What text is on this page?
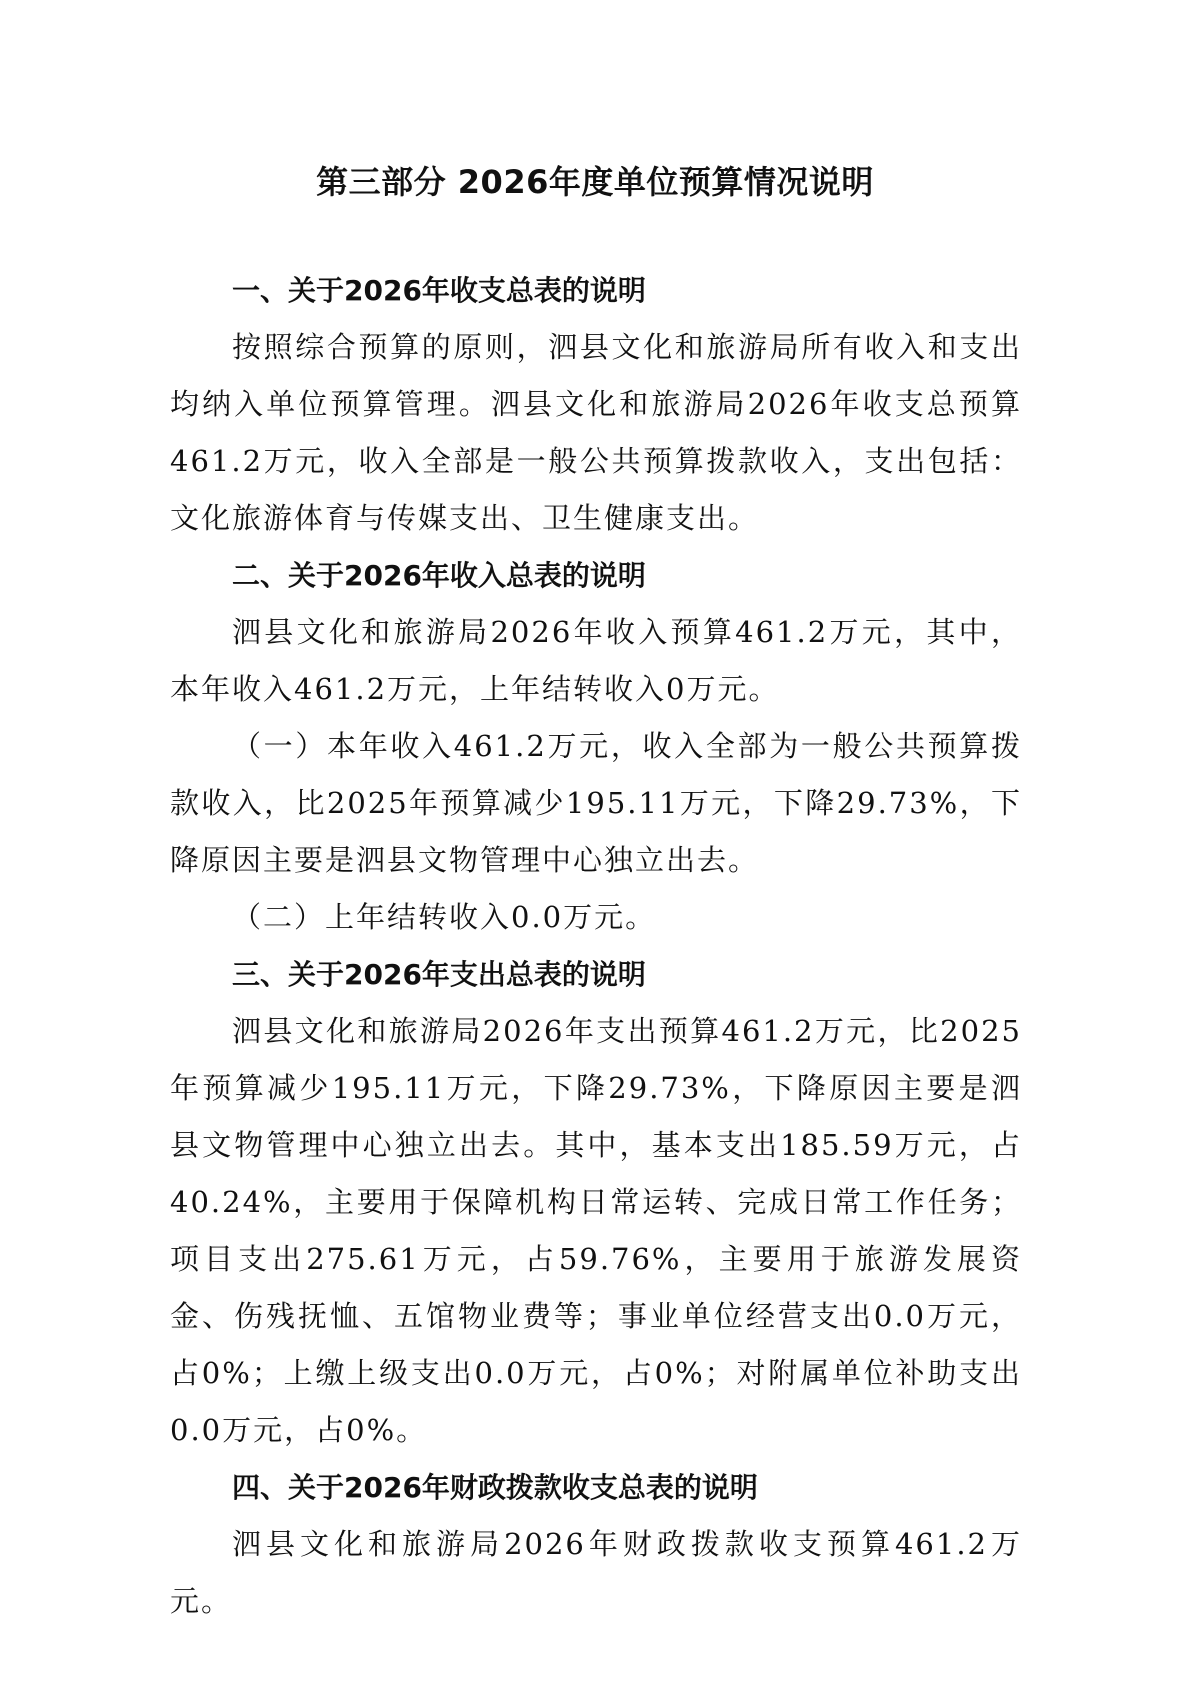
第三部分 2026年度单位预算情况说明
一、关于2026年收支总表的说明

按照综合预算的原则，泗县文化和旅游局所有收入和支出均纳入单位预算管理。泗县文化和旅游局2026年收支总预算461.2万元，收入全部是一般公共预算拨款收入，支出包括：文化旅游体育与传媒支出、卫生健康支出。

二、关于2026年收入总表的说明

泗县文化和旅游局2026年收入预算461.2万元，其中，本年收入461.2万元，上年结转收入0万元。

（一）本年收入461.2万元，收入全部为一般公共预算拨款收入，比2025年预算减少195.11万元，下降29.73%，下降原因主要是泗县文物管理中心独立出去。

（二）上年结转收入0.0万元。

三、关于2026年支出总表的说明

泗县文化和旅游局2026年支出预算461.2万元，比2025年预算减少195.11万元，下降29.73%，下降原因主要是泗县文物管理中心独立出去。其中，基本支出185.59万元，占40.24%，主要用于保障机构日常运转、完成日常工作任务；项目支出275.61万元，占59.76%，主要用于旅游发展资金、伤残抚恤、五馆物业费等；事业单位经营支出0.0万元，占0%；上缴上级支出0.0万元，占0%；对附属单位补助支出0.0万元，占0%。

四、关于2026年财政拨款收支总表的说明

泗县文化和旅游局2026年财政拨款收支预算461.2万元。
